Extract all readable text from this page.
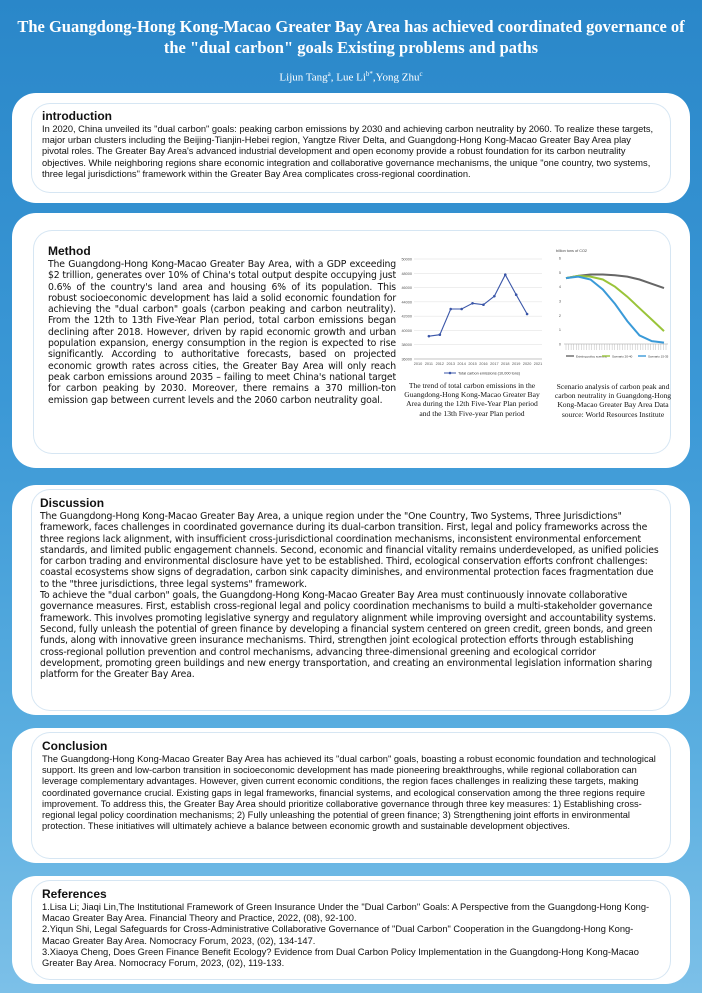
The Guangdong-Hong Kong-Macao Greater Bay Area has achieved coordinated governance of the "dual carbon" goals Existing problems and paths
Lijun Tang$^a$, Lue $Li^{b*},Yong$ Zhu$^c$
introduction

In 2020, China unveiled its "dual carbon" goals: peaking carbon emissions by 2030 and achieving carbon neutrality by 2060. To realize these targets, major urban clusters including the Beijing-Tianjin-Hebei region, Yangtze River Delta, and Guangdong-Hong Kong-Macao Greater Bay Area play pivotal roles. The Greater Bay Area's advanced industrial development and open economy provide a robust foundation for its carbon neutrality objectives. While neighboring regions share economic integration and collaborative governance mechanisms, the unique "one country, two systems, three legal jurisdictions" framework within the Greater Bay Area complicates cross-regional coordination.

Method

The Guangdong-Hong Kong-Macao Greater Bay Area, with a GDP exceeding $2 trillion, generates over 10% of China's total output despite occupying just 0.6% of the country's land area and housing 6% of its population. This robust socioeconomic development has laid a solid economic foundation for achieving the "dual carbon" goals (carbon peaking and carbon neutrality). From the 12th to 13th Five-Year Plan period, total carbon emissions began declining after 2018. However, driven by rapid economic growth and urban population expansion, energy consumption in the region is expected to rise significantly. According to authoritative forecasts, based on projected economic growth rates across cities, the Greater Bay Area will only reach peak carbon emissions around 2035 – failing to meet China's national target for carbon peaking by 2030. Moreover, there remains a 370 million-ton emission gap between current levels and the 2060 carbon neutrality goal.

36000
38000
40000
42000
44000
46000
48000
50000
2010 2011 2012 2013 2014 2015 2016 2017 2018 2019 2020 2021
Total carbon emissions (10,000 tons)
The trend of total carbon emissions in the Guangdong-Hong Kong-Macao Greater Bay Area during the 12th Five-Year Plan period and the 13th Five-year Plan period
billion tons of CO2
0
1
2
3
4
5
6
Existing policy scenario Scenario 20-40	Scenario 15-35
Scenario analysis of carbon peak and carbon neutrality in Guangdong-Hong Kong-Macao Greater Bay Area Data source: World Resources Institute
Discussion

The Guangdong-Hong Kong-Macao Greater Bay Area, a unique region under the "One Country, Two Systems, Three Jurisdictions" framework, faces challenges in coordinated governance during its dual-carbon transition. First, legal and policy frameworks across the three regions lack alignment, with insufficient cross-jurisdictional coordination mechanisms, inconsistent environmental enforcement standards, and limited public engagement channels. Second, economic and financial vitality remains underdeveloped, as unified policies for carbon trading and environmental disclosure have yet to be established. Third, ecological conservation efforts confront challenges: coastal ecosystems show signs of degradation, carbon sink capacity diminishes, and environmental protection faces fragmentation due to the "three jurisdictions, three legal systems" framework.

To achieve the "dual carbon" goals, the Guangdong-Hong Kong-Macao Greater Bay Area must continuously innovate collaborative governance measures. First, establish cross-regional legal and policy coordination mechanisms to build a multi-stakeholder governance framework. This involves promoting legislative synergy and regulatory alignment while improving oversight and accountability systems. Second, fully unleash the potential of green finance by developing a financial system centered on green credit, green bonds, and green funds, along with innovative green insurance mechanisms. Third, strengthen joint ecological protection efforts through establishing cross-regional pollution prevention and control mechanisms, advancing three-dimensional greening and ecological corridor development, promoting green buildings and new energy transportation, and creating an environmental legislation information sharing platform for the Greater Bay Area.

Conclusion

The Guangdong-Hong Kong-Macao Greater Bay Area has achieved its "dual carbon" goals, boasting a robust economic foundation and technological support. Its green and low-carbon transition in socioeconomic development has made pioneering breakthroughs, while regional collaboration can leverage complementary advantages. However, given current economic conditions, the region faces challenges in realizing these targets, making coordinated governance crucial. Existing gaps in legal frameworks, financial systems, and ecological conservation among the three regions require improvement. To address this, the Greater Bay Area should prioritize collaborative governance through three key measures: 1) Establishing cross-regional legal policy coordination mechanisms; 2) Fully unleashing the potential of green finance; 3) Strengthening joint efforts in environmental protection. These initiatives will ultimately achieve a balance between economic growth and sustainable development objectives.

References

1.Lisa Li; Jiaqi Lin,The Institutional Framework of Green Insurance Under the "Dual Carbon" Goals: A Perspective from the Guangdong-Hong Kong-Macao Greater Bay Area. Financial Theory and Practice, 2022, (08), 92-100.

2.Yiqun Shi, Legal Safeguards for Cross-Administrative Collaborative Governance of "Dual Carbon" Cooperation in the Guangdong-Hong Kong-Macao Greater Bay Area. Nomocracy Forum, 2023, (02), 134-147.

3.Xiaoya Cheng, Does Green Finance Benefit Ecology? Evidence from Dual Carbon Policy Implementation in the Guangdong-Hong Kong-Macao Greater Bay Area. Nomocracy Forum, 2023, (02), 119-133.
